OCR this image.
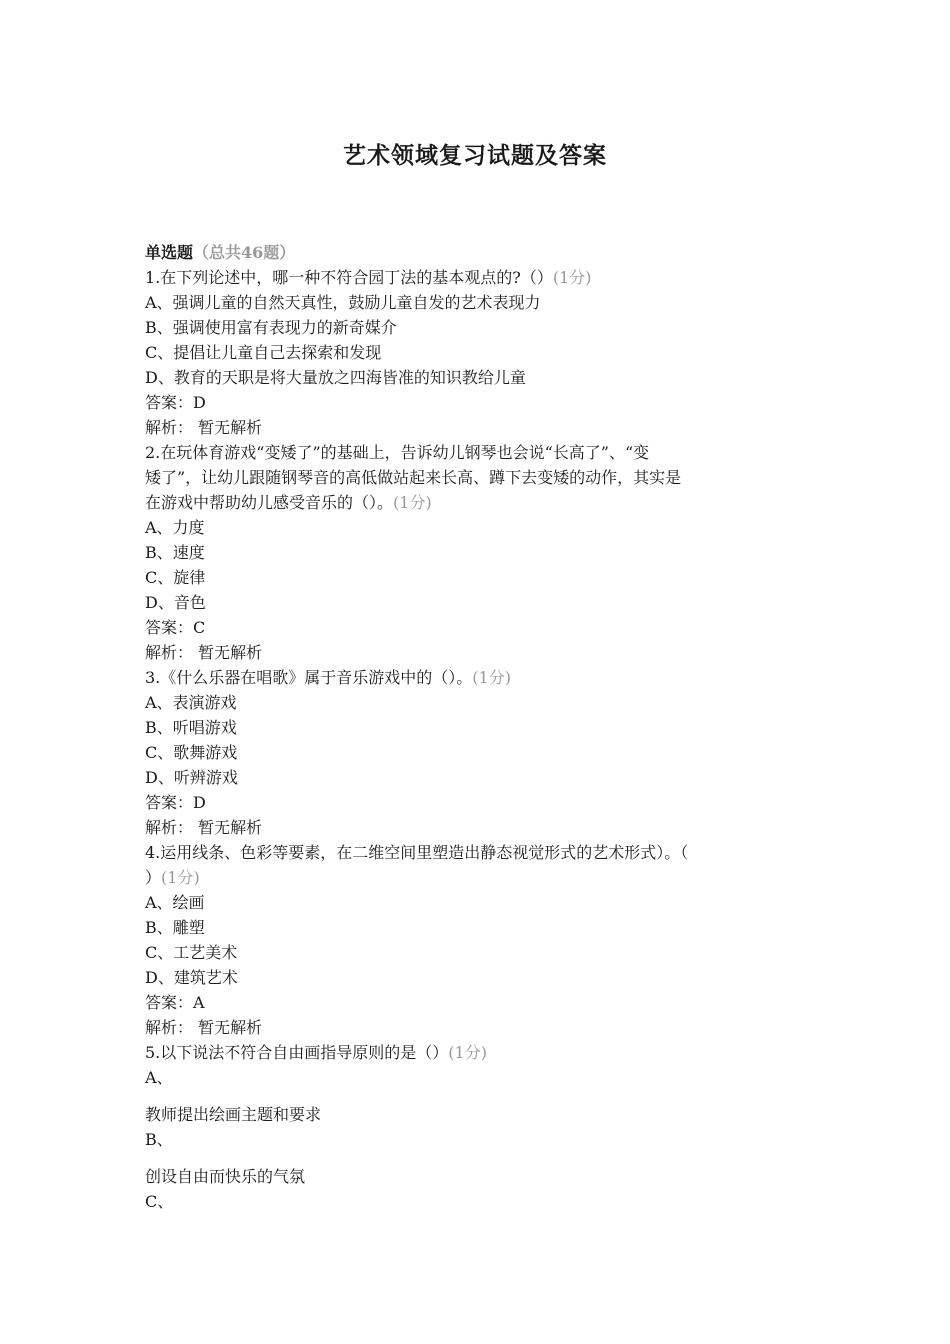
艺术领域复习试题及答案
单选题（总共46题）
1.在下列论述中，哪一种不符合园丁法的基本观点的?（）(1分)
A、强调儿童的自然天真性，鼓励儿童自发的艺术表现力
B、强调使用富有表现力的新奇媒介
C、提倡让儿童自己去探索和发现
D、教育的天职是将大量放之四海皆准的知识教给儿童
答案：D
解析： 暂无解析
2.在玩体育游戏“变矮了”的基础上，告诉幼儿钢琴也会说“长高了”、“变
矮了”，让幼儿跟随钢琴音的高低做站起来长高、蹲下去变矮的动作，其实是
在游戏中帮助幼儿感受音乐的（）。(1分)
A、力度
B、速度
C、旋律
D、音色
答案：C
解析： 暂无解析
3.《什么乐器在唱歌》属于音乐游戏中的（）。(1分)
A、表演游戏
B、听唱游戏
C、歌舞游戏
D、听辨游戏
答案：D
解析： 暂无解析
4.运用线条、色彩等要素，在二维空间里塑造出静态视觉形式的艺术形式）。（
）(1分)
A、绘画
B、雕塑
C、工艺美术
D、建筑艺术
答案：A
解析： 暂无解析
5.以下说法不符合自由画指导原则的是（）(1分)
A、
教师提出绘画主题和要求
B、
创设自由而快乐的气氛
C、
